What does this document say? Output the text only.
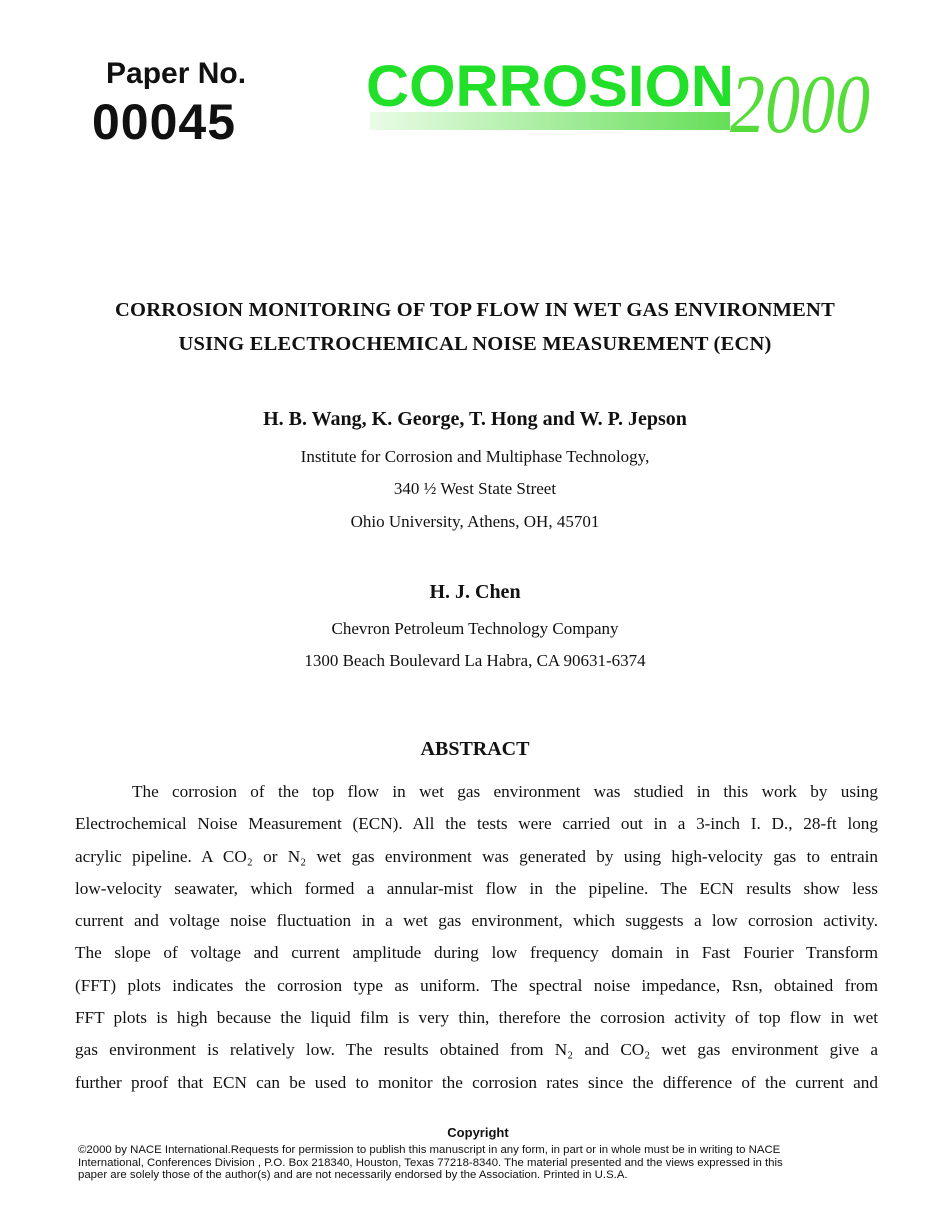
Paper No.
00045
CORROSION
2000
CORROSION MONITORING OF TOP FLOW IN WET GAS ENVIRONMENT
USING ELECTROCHEMICAL NOISE MEASUREMENT (ECN)
H. B. Wang, K. George, T. Hong and W. P. Jepson
Institute for Corrosion and Multiphase Technology,
340 ½ West State Street
Ohio University, Athens, OH, 45701
H. J. Chen
Chevron Petroleum Technology Company
1300 Beach Boulevard La Habra, CA 90631-6374
ABSTRACT
The corrosion of the top flow in wet gas environment was studied in this work by using
Electrochemical Noise Measurement (ECN). All the tests were carried out in a 3-inch I. D., 28-ft long
acrylic pipeline. A CO₂ or N₂ wet gas environment was generated by using high-velocity gas to entrain
low-velocity seawater, which formed a annular-mist flow in the pipeline. The ECN results show less
current and voltage noise fluctuation in a wet gas environment, which suggests a low corrosion activity.
The slope of voltage and current amplitude during low frequency domain in Fast Fourier Transform
(FFT) plots indicates the corrosion type as uniform. The spectral noise impedance, Rsn, obtained from
FFT plots is high because the liquid film is very thin, therefore the corrosion activity of top flow in wet
gas environment is relatively low. The results obtained from N₂ and CO₂ wet gas environment give a
further proof that ECN can be used to monitor the corrosion rates since the difference of the current and
Copyright
©2000 by NACE International.Requests for permission to publish this manuscript in any form, in part or in whole must be in writing to NACE
International, Conferences Division , P.O. Box 218340, Houston, Texas 77218-8340. The material presented and the views expressed in this
paper are solely those of the author(s) and are not necessarily endorsed by the Association. Printed in U.S.A.
